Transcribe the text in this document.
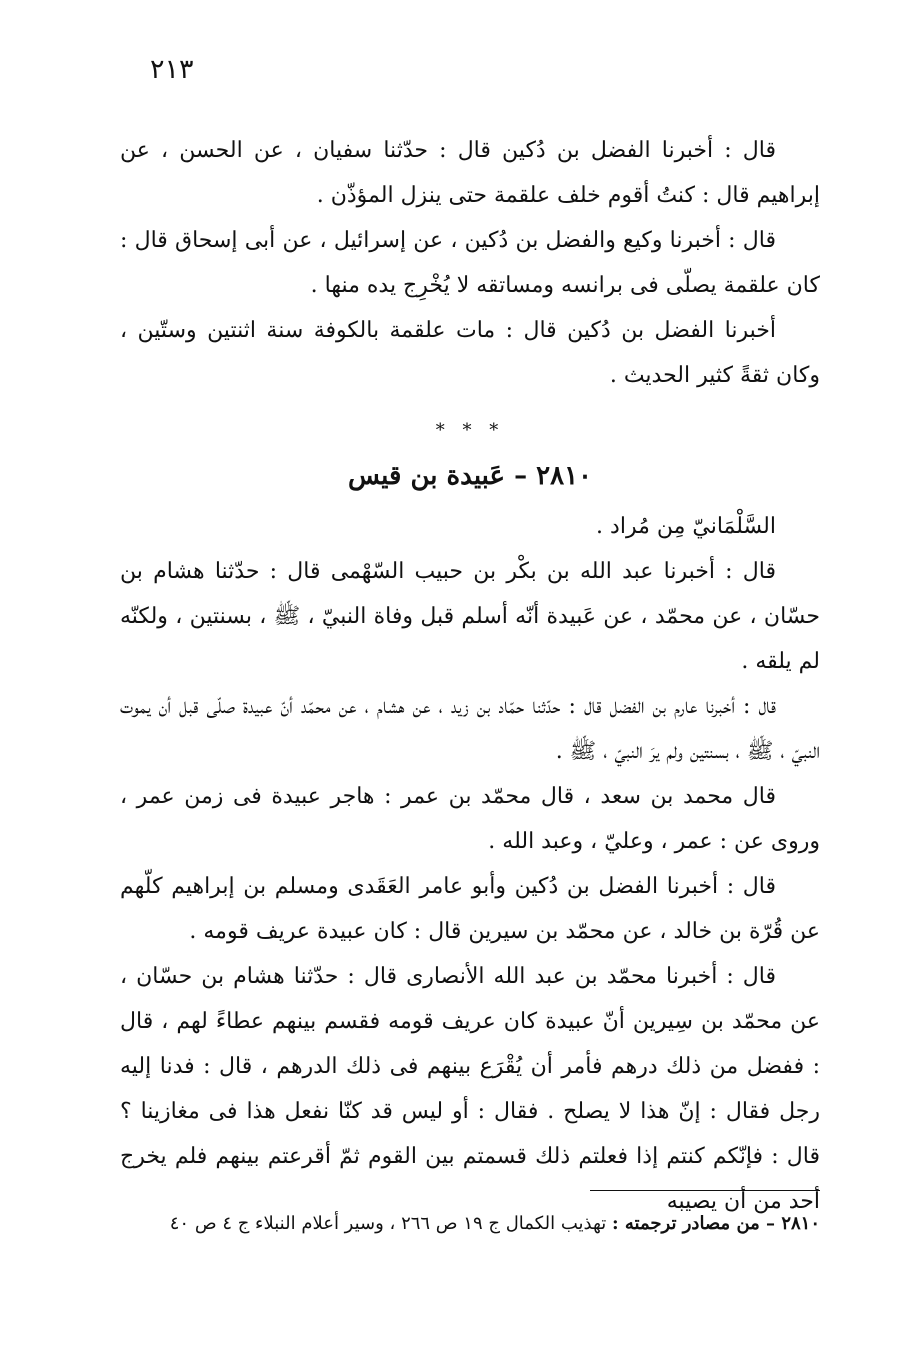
٢١٣

قال : أخبرنا الفضل بن دُكين قال : حدّثنا سفيان ، عن الحسن ، عن إبراهيم قال : كنتُ أقوم خلف علقمة حتى ينزل المؤذّن .

قال : أخبرنا وكيع والفضل بن دُكين ، عن إسرائيل ، عن أبى إسحاق قال : كان علقمة يصلّى فى برانسه ومساتقه لا يُخْرِج يده منها .

أخبرنا الفضل بن دُكين قال : مات علقمة بالكوفة سنة اثنتين وستّين ، وكان ثقةً كثير الحديث .

* * *
٢٨١٠ – عَبيدة بن قيس

السَّلْمَانيّ مِن مُراد .

قال : أخبرنا عبد الله بن بكْر بن حبيب السّهْمى قال : حدّثنا هشام بن حسّان ، عن محمّد ، عن عَبيدة أنّه أسلم قبل وفاة النبيّ ، ﷺ ، بسنتين ، ولكنّه لم يلقه .

قال : أخبرنا عارم بن الفضل قال : حدّثنا حمّاد بن زيد ، عن هشام ، عن محمّد أنّ عبيدة صلّى قبل أن يموت النبيّ ، ﷺ ، بسنتين ولم يرَ النبيّ ، ﷺ .

قال محمد بن سعد ، قال محمّد بن عمر : هاجر عبيدة فى زمن عمر ، وروى عن : عمر ، وعليّ ، وعبد الله .

قال : أخبرنا الفضل بن دُكين وأبو عامر العَقَدى ومسلم بن إبراهيم كلّهم عن قُرّة بن خالد ، عن محمّد بن سيرين قال : كان عبيدة عريف قومه .

قال : أخبرنا محمّد بن عبد الله الأنصارى قال : حدّثنا هشام بن حسّان ، عن محمّد بن سِيرين أنّ عبيدة كان عريف قومه فقسم بينهم عطاءً لهم ، قال : ففضل من ذلك درهم فأمر أن يُقْرَع بينهم فى ذلك الدرهم ، قال : فدنا إليه رجل فقال : إنّ هذا لا يصلح . فقال : أو ليس قد كنّا نفعل هذا فى مغازينا ؟ قال : فإنّكم كنتم إذا فعلتم ذلك قسمتم بين القوم ثمّ أقرعتم بينهم فلم يخرج أحد من أن يصيبه

٢٨١٠ – من مصادر ترجمته : تهذيب الكمال ج ١٩ ص ٢٦٦ ، وسير أعلام النبلاء ج ٤ ص ٤٠
